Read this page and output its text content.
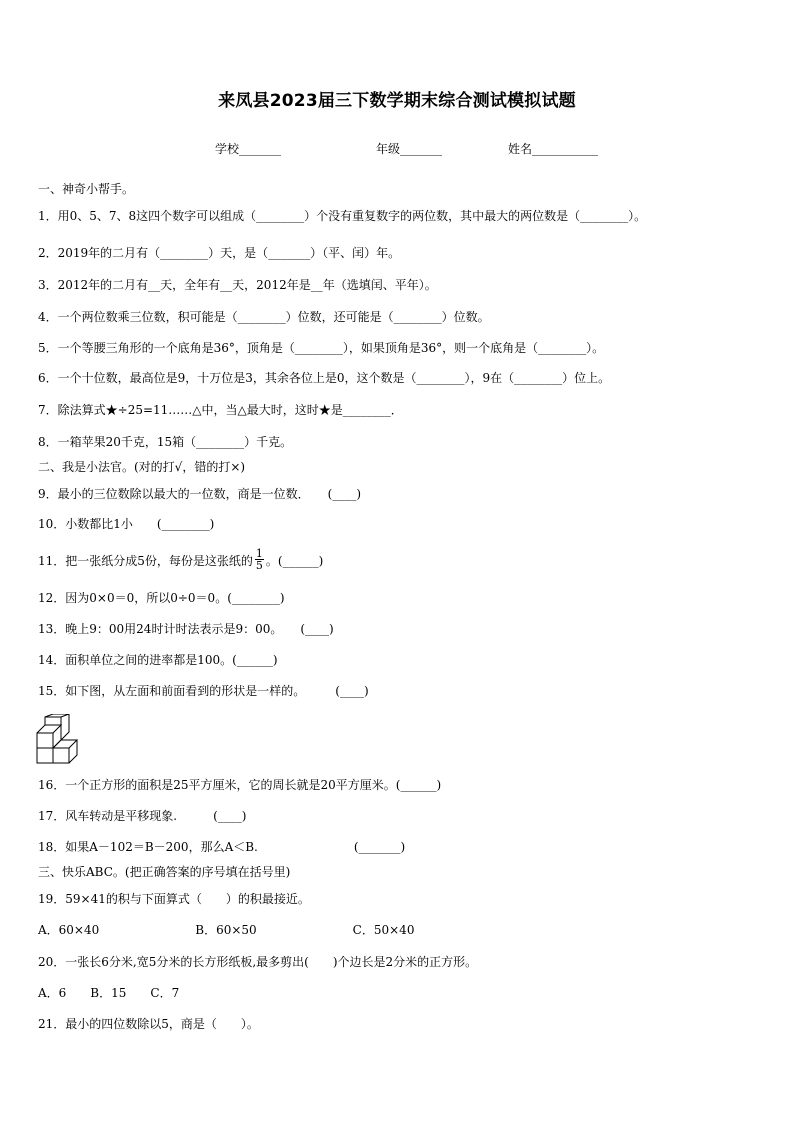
来凤县2023届三下数学期末综合测试模拟试题
学校_______	年级_______	姓名___________
一、神奇小帮手。
1．用0、5、7、8这四个数字可以组成（________）个没有重复数字的两位数，其中最大的两位数是（________）。
2．2019年的二月有（________）天，是（_______）（平、闰）年。
3．2012年的二月有__天，全年有__天，2012年是__年（选填闰、平年）。
4．一个两位数乘三位数，积可能是（________）位数，还可能是（________）位数。
5．一个等腰三角形的一个底角是36°，顶角是（________），如果顶角是36°，则一个底角是（________）。
6．一个十位数，最高位是9，十万位是3，其余各位上是0，这个数是（________），9在（________）位上。
7．除法算式★÷25=11……△中，当△最大时，这时★是________．
8．一箱苹果20千克，15箱（________）千克。
二、我是小法官。(对的打√，错的打×)
9．最小的三位数除以最大的一位数，商是一位数．　　(____)
10．小数都比1小　　(________)
11．把一张纸分成5份，每份是这张纸的 $\frac{1}{5}$ 。(______)
12．因为0×0＝0，所以0÷0＝0。(________)
13．晚上9：00用24时计时法表示是9：00。　　(____)
14．面积单位之间的进率都是100。(______)
15．如下图，从左面和前面看到的形状是一样的。　　　(____)
16．一个正方形的面积是25平方厘米，它的周长就是20平方厘米。(______)
17．风车转动是平移现象.　　　(____)
18．如果A－102＝B－200，那么A＜B.　　　　　　　　(_______)
三、快乐ABC。(把正确答案的序号填在括号里)
19．59×41的积与下面算式（　　）的积最接近。
A．60×40　　　　　　　　B．60×50　　　　　　　　C．50×40
20．一张长6分米,宽5分米的长方形纸板,最多剪出(　　)个边长是2分米的正方形。
A．6　　B．15　　C．7
21．最小的四位数除以5，商是（　　）。
